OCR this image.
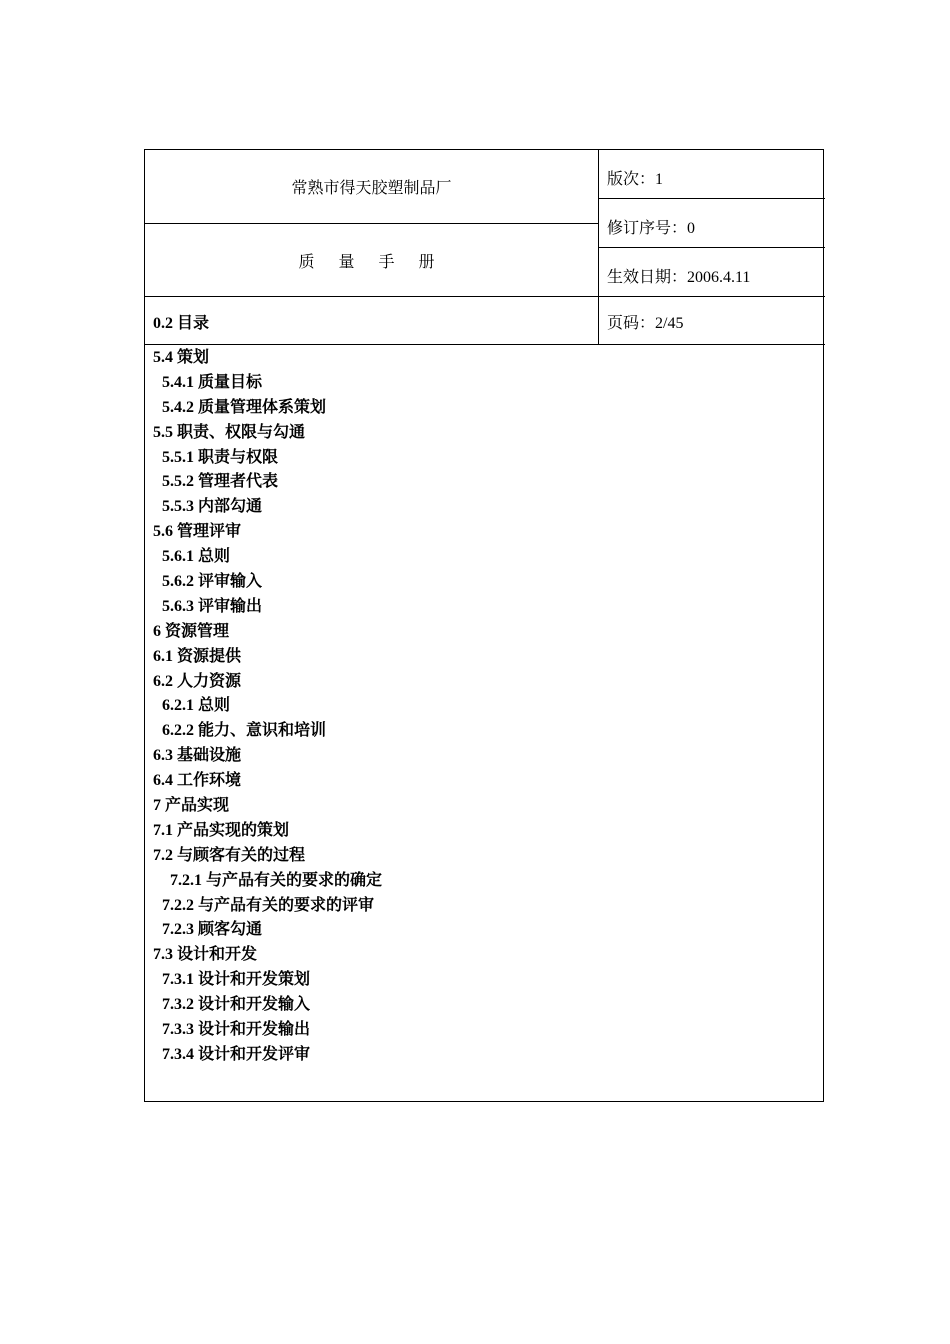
常熟市得天胶塑制品厂
质 量 手 册
版次：1
修订序号：0
生效日期：2006.4.11
0.2 目录	页码：2/45
5.4 策划
5.4.1 质量目标
5.4.2 质量管理体系策划
5.5 职责、权限与勾通
5.5.1 职责与权限
5.5.2 管理者代表
5.5.3 内部勾通
5.6 管理评审
5.6.1 总则
5.6.2 评审输入
5.6.3 评审输出
6 资源管理
6.1 资源提供
6.2 人力资源
6.2.1 总则
6.2.2 能力、意识和培训
6.3 基础设施
6.4 工作环境
7 产品实现
7.1 产品实现的策划
7.2 与顾客有关的过程
7.2.1 与产品有关的要求的确定
7.2.2 与产品有关的要求的评审
7.2.3 顾客勾通
7.3 设计和开发
7.3.1 设计和开发策划
7.3.2 设计和开发输入
7.3.3 设计和开发输出
7.3.4 设计和开发评审
